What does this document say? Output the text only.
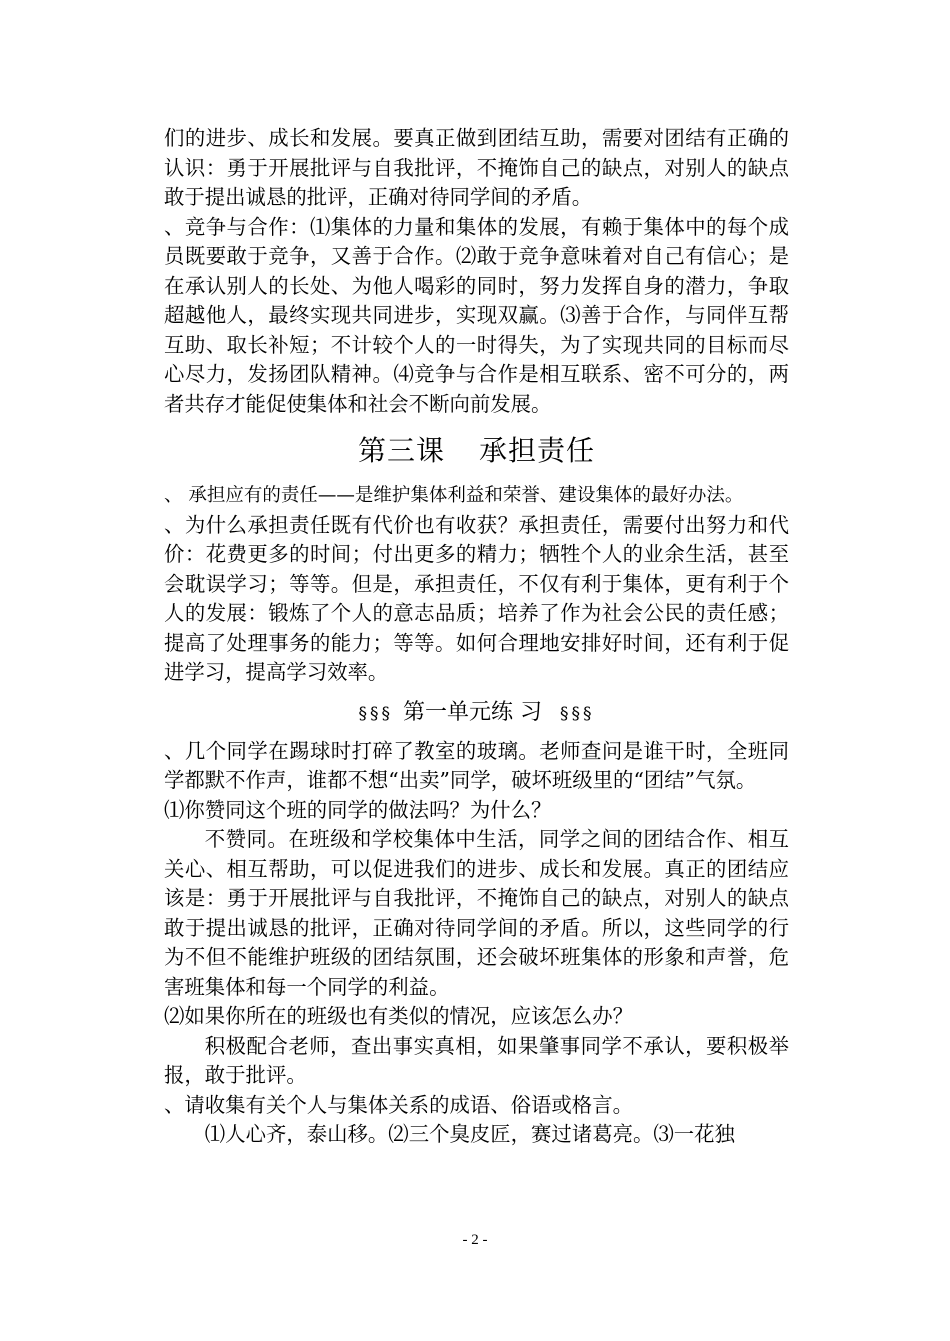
们的进步、成长和发展。要真正做到团结互助，需要对团结有正确的认识：勇于开展批评与自我批评，不掩饰自己的缺点，对别人的缺点敢于提出诚恳的批评，正确对待同学间的矛盾。

、竞争与合作：⑴集体的力量和集体的发展，有赖于集体中的每个成员既要敢于竞争，又善于合作。⑵敢于竞争意味着对自己有信心；是在承认别人的长处、为他人喝彩的同时，努力发挥自身的潜力，争取超越他人，最终实现共同进步，实现双赢。⑶善于合作，与同伴互帮互助、取长补短；不计较个人的一时得失，为了实现共同的目标而尽心尽力，发扬团队精神。⑷竞争与合作是相互联系、密不可分的，两者共存才能促使集体和社会不断向前发展。

第三课 承担责任

、 承担应有的责任——是维护集体利益和荣誉、建设集体的最好办法。

、为什么承担责任既有代价也有收获？承担责任，需要付出努力和代价：花费更多的时间；付出更多的精力；牺牲个人的业余生活，甚至会耽误学习；等等。但是，承担责任，不仅有利于集体，更有利于个人的发展：锻炼了个人的意志品质；培养了作为社会公民的责任感；提高了处理事务的能力；等等。如何合理地安排好时间，还有利于促进学习，提高学习效率。

§§§ 第一单元练 习 §§§

、几个同学在踢球时打碎了教室的玻璃。老师查问是谁干时，全班同学都默不作声，谁都不想“出卖”同学，破坏班级里的“团结”气氛。

⑴你赞同这个班的同学的做法吗？为什么？

不赞同。在班级和学校集体中生活，同学之间的团结合作、相互关心、相互帮助，可以促进我们的进步、成长和发展。真正的团结应该是：勇于开展批评与自我批评，不掩饰自己的缺点，对别人的缺点敢于提出诚恳的批评，正确对待同学间的矛盾。所以，这些同学的行为不但不能维护班级的团结氛围，还会破坏班集体的形象和声誉，危害班集体和每一个同学的利益。

⑵如果你所在的班级也有类似的情况，应该怎么办？

积极配合老师，查出事实真相，如果肇事同学不承认，要积极举报，敢于批评。

、请收集有关个人与集体关系的成语、俗语或格言。

⑴人心齐，泰山移。⑵三个臭皮匠，赛过诸葛亮。⑶一花独

- 2 -
